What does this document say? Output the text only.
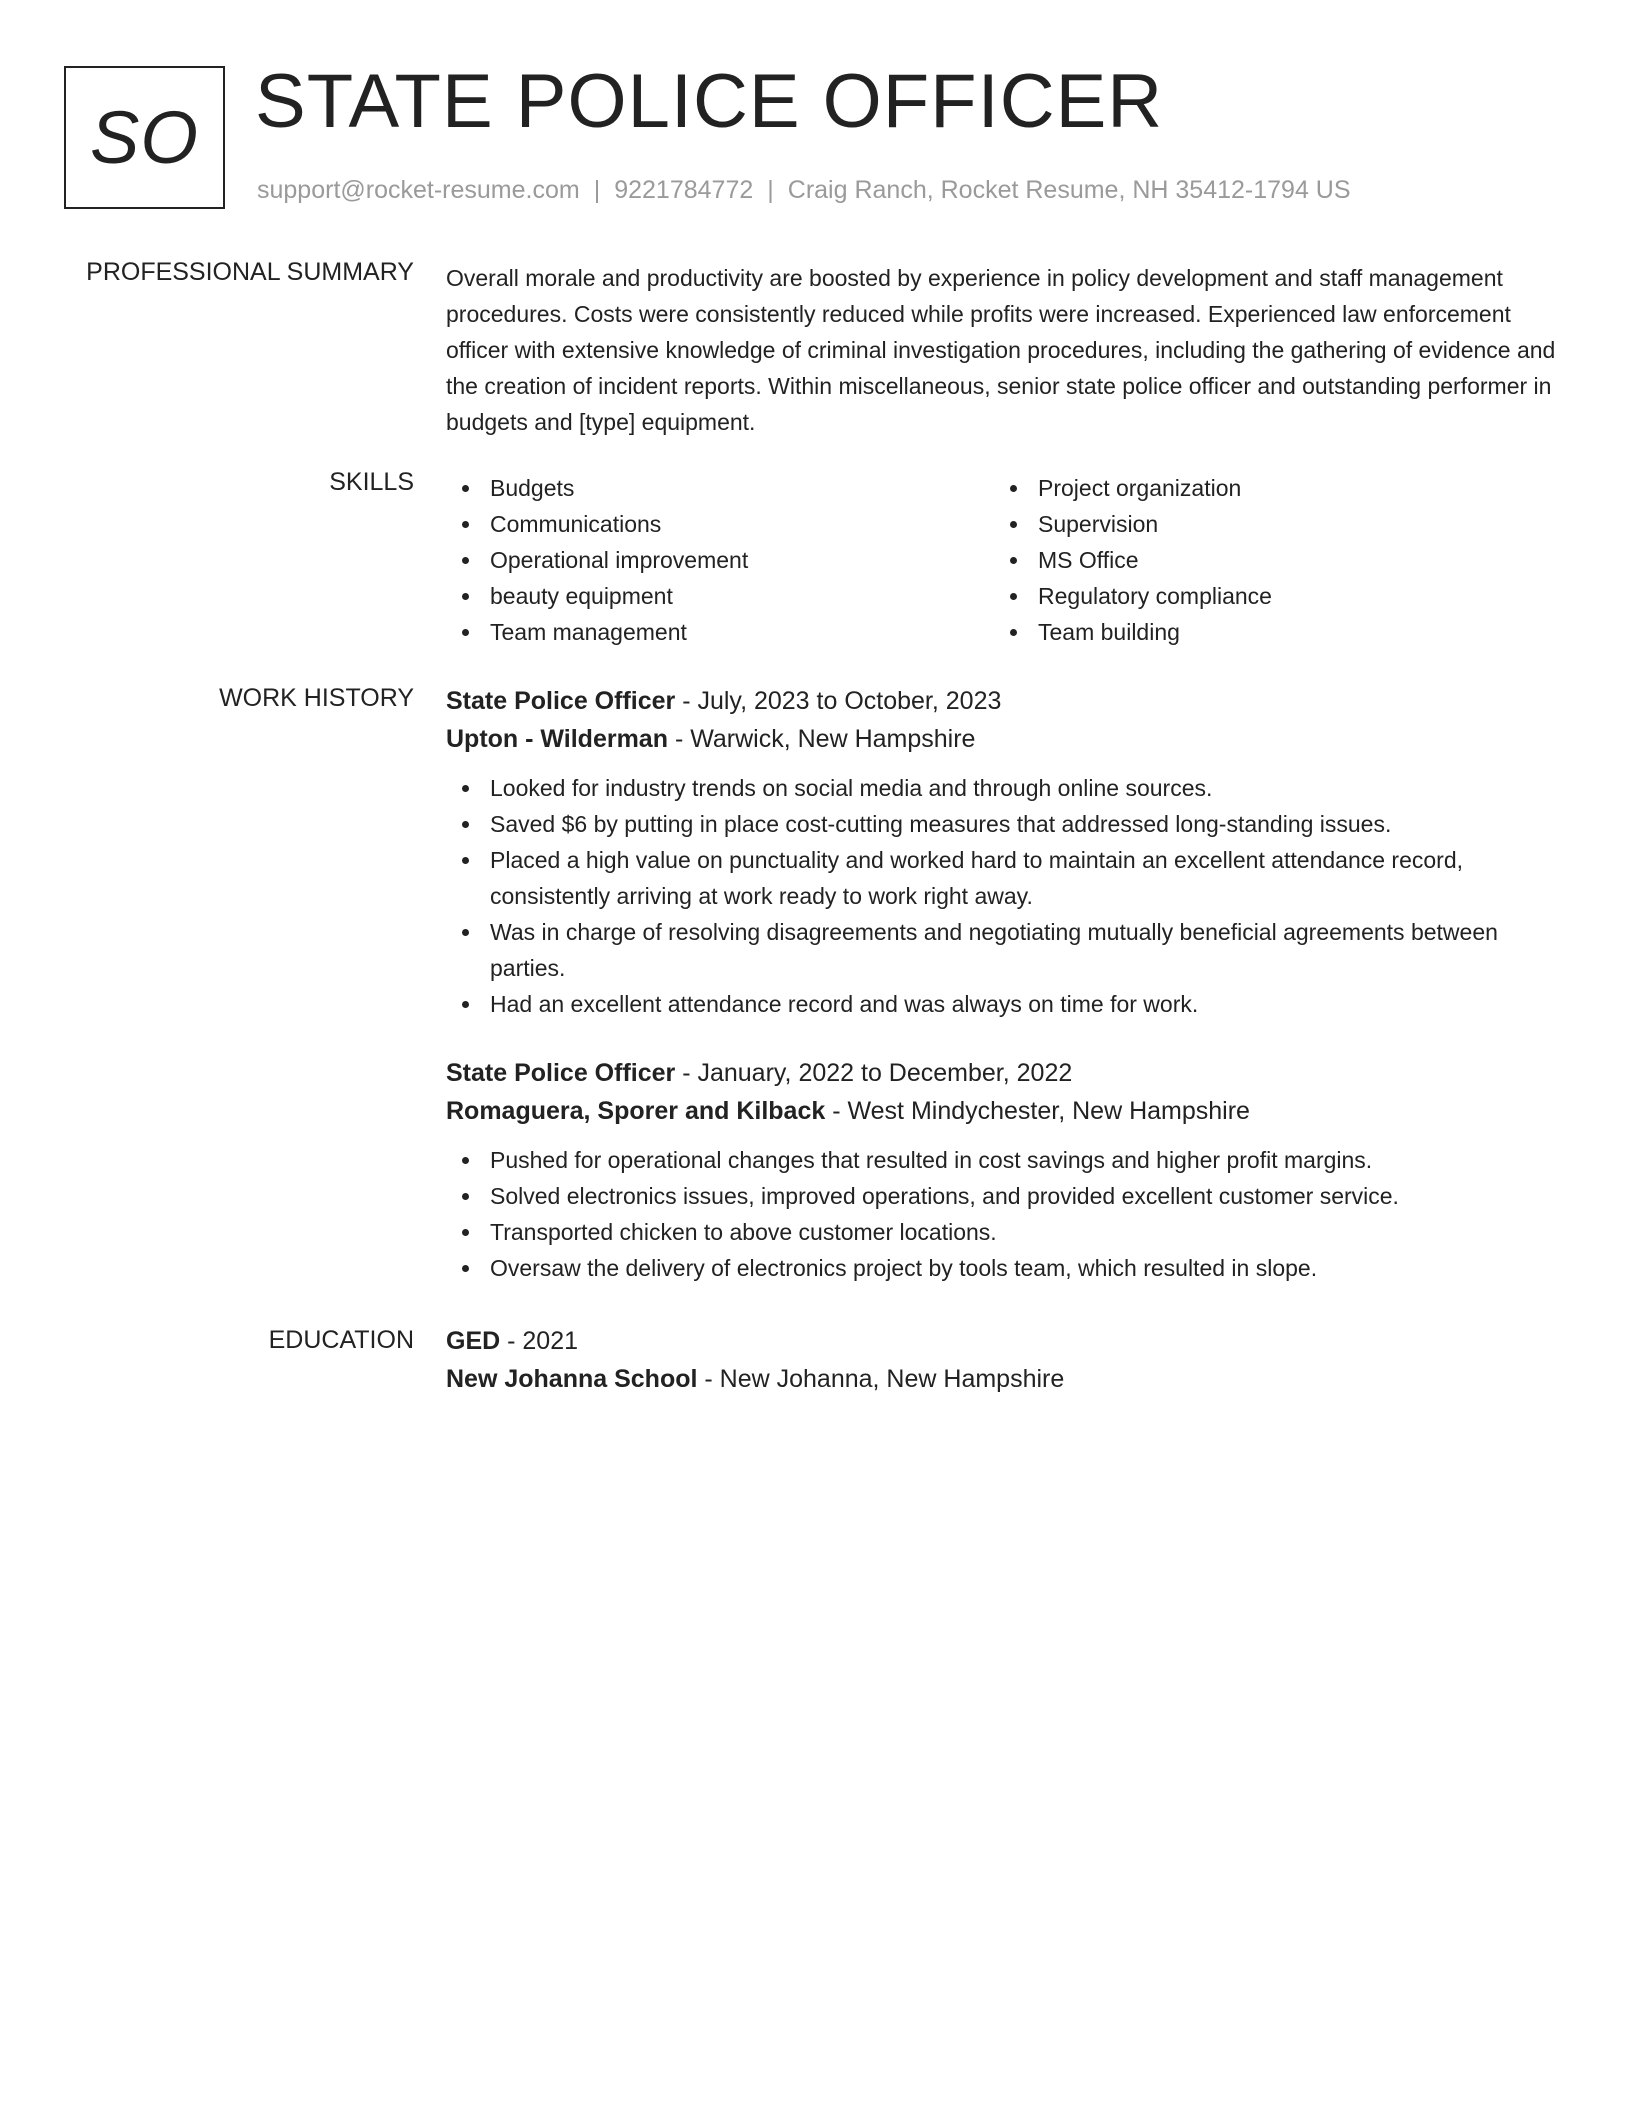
SO STATE POLICE OFFICER
support@rocket-resume.com | 9221784772 | Craig Ranch, Rocket Resume, NH 35412-1794 US
PROFESSIONAL SUMMARY Overall morale and productivity are boosted by experience in policy development and staff management procedures. Costs were consistently reduced while profits were increased. Experienced law enforcement officer with extensive knowledge of criminal investigation procedures, including the gathering of evidence and the creation of incident reports. Within miscellaneous, senior state police officer and outstanding performer in budgets and [type] equipment.

SKILLS	Budgets
Communications
Operational improvement
beauty equipment
Team management
Project organization
Supervision
MS Office
Regulatory compliance
Team building
WORK HISTORY State Police Officer - July, 2023 to October, 2023
Upton - Wilderman - Warwick, New Hampshire
Looked for industry trends on social media and through online sources.
Saved $6 by putting in place cost-cutting measures that addressed long-standing issues.
Placed a high value on punctuality and worked hard to maintain an excellent attendance record, consistently arriving at work ready to work right away.
Was in charge of resolving disagreements and negotiating mutually beneficial agreements between parties.
Had an excellent attendance record and was always on time for work.
State Police Officer - January, 2022 to December, 2022
Romaguera, Sporer and Kilback - West Mindychester, New Hampshire
Pushed for operational changes that resulted in cost savings and higher profit margins.
Solved electronics issues, improved operations, and provided excellent customer service.
Transported chicken to above customer locations.
Oversaw the delivery of electronics project by tools team, which resulted in slope.
EDUCATION GED - 2021
New Johanna School - New Johanna, New Hampshire
